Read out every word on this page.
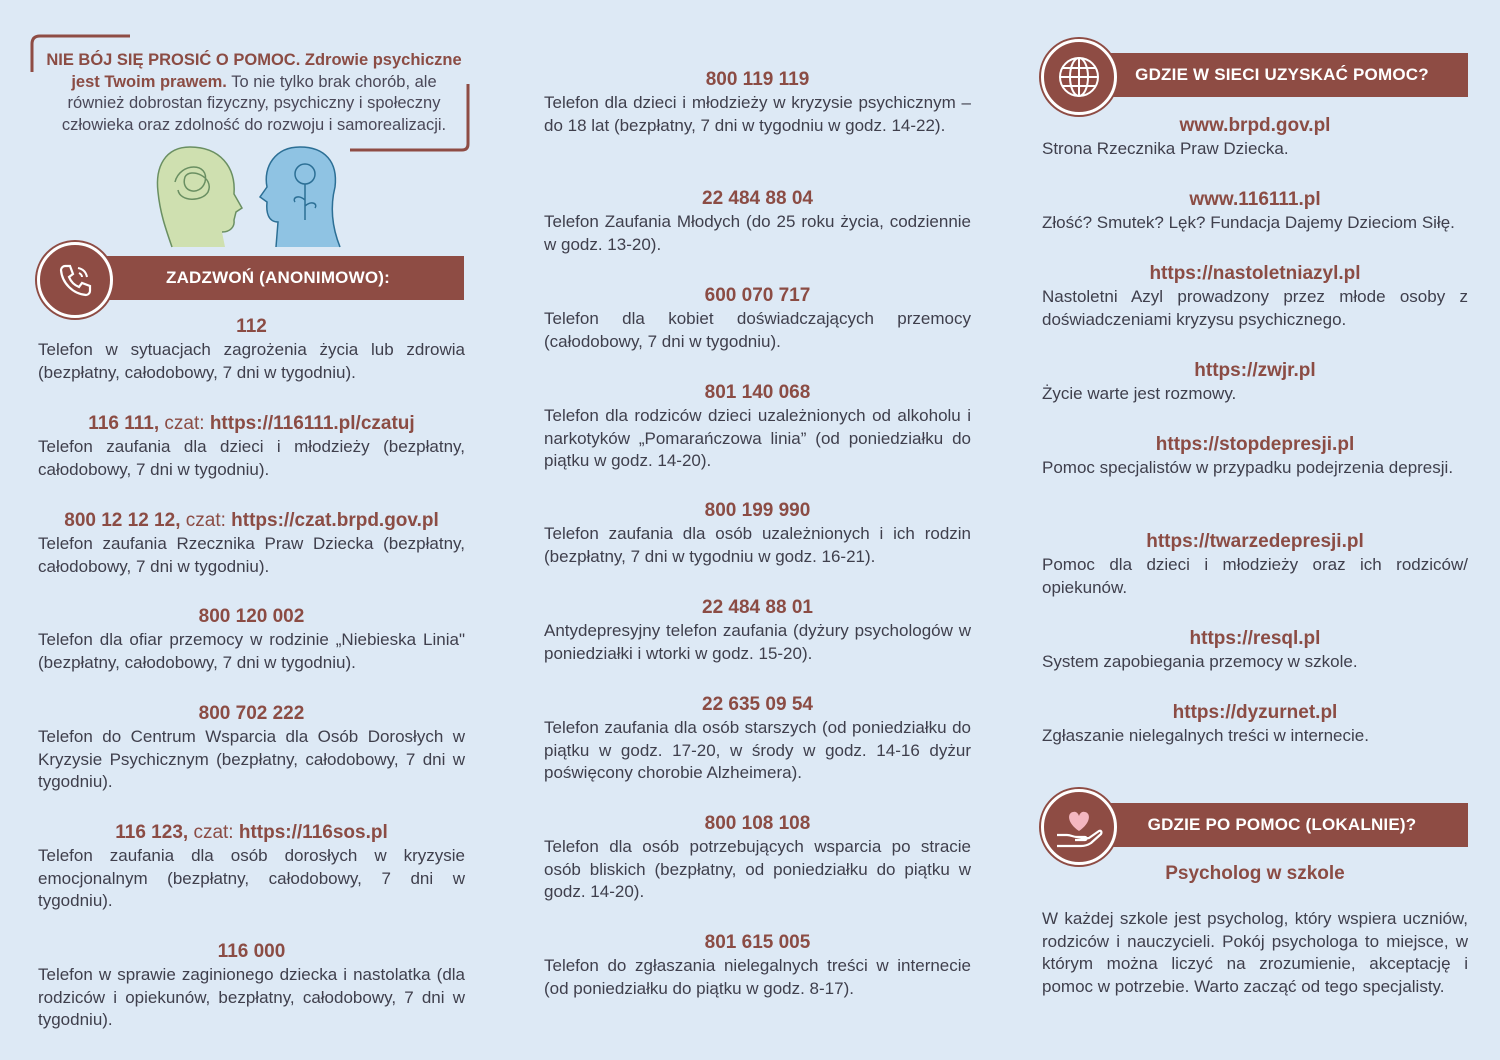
NIE BÓJ SIĘ PROSIĆ O POMOC. Zdrowie psychiczne jest Twoim prawem. To nie tylko brak chorób, ale również dobrostan fizyczny, psychiczny i społeczny człowieka oraz zdolność do rozwoju i samorealizacji.
ZADZWOŃ (ANONIMOWO):
112
Telefon w sytuacjach zagrożenia życia lub zdrowia (bezpłatny, całodobowy, 7 dni w tygodniu).
116 111, czat: https://116111.pl/czatuj
Telefon zaufania dla dzieci i młodzieży (bezpłatny, całodobowy, 7 dni w tygodniu).
800 12 12 12, czat: https://czat.brpd.gov.pl
Telefon zaufania Rzecznika Praw Dziecka (bezpłatny, całodobowy, 7 dni w tygodniu).
800 120 002
Telefon dla ofiar przemocy w rodzinie „Niebieska Linia" (bezpłatny, całodobowy, 7 dni w tygodniu).
800 702 222
Telefon do Centrum Wsparcia dla Osób Dorosłych w Kryzysie Psychicznym (bezpłatny, całodobowy, 7 dni w tygodniu).
116 123, czat: https://116sos.pl
Telefon zaufania dla osób dorosłych w kryzysie emocjonalnym (bezpłatny, całodobowy, 7 dni w tygodniu).
116 000
Telefon w sprawie zaginionego dziecka i nastolatka (dla rodziców i opiekunów, bezpłatny, całodobowy, 7 dni w tygodniu).
800 119 119
Telefon dla dzieci i młodzieży w kryzysie psychicznym – do 18 lat (bezpłatny, 7 dni w tygodniu w godz. 14-22).
22 484 88 04
Telefon Zaufania Młodych (do 25 roku życia, codziennie w godz. 13-20).
600 070 717
Telefon dla kobiet doświadczających przemocy (całodobowy, 7 dni w tygodniu).
801 140 068
Telefon dla rodziców dzieci uzależnionych od alkoholu i narkotyków „Pomarańczowa linia” (od poniedziałku do piątku w godz. 14-20).
800 199 990
Telefon zaufania dla osób uzależnionych i ich rodzin (bezpłatny, 7 dni w tygodniu w godz. 16-21).
22 484 88 01
Antydepresyjny telefon zaufania (dyżury psychologów w poniedziałki i wtorki w godz. 15-20).
22 635 09 54
Telefon zaufania dla osób starszych (od poniedziałku do piątku w godz. 17-20, w środy w godz. 14-16 dyżur poświęcony chorobie Alzheimera).
800 108 108
Telefon dla osób potrzebujących wsparcia po stracie osób bliskich (bezpłatny, od poniedziałku do piątku w godz. 14-20).
801 615 005
Telefon do zgłaszania nielegalnych treści w internecie (od poniedziałku do piątku w godz. 8-17).
GDZIE W SIECI UZYSKAĆ POMOC?
www.brpd.gov.pl
Strona Rzecznika Praw Dziecka.
www.116111.pl
Złość? Smutek? Lęk? Fundacja Dajemy Dzieciom Siłę.
https://nastoletniazyl.pl
Nastoletni Azyl prowadzony przez młode osoby z doświadczeniami kryzysu psychicznego.
https://zwjr.pl
Życie warte jest rozmowy.
https://stopdepresji.pl
Pomoc specjalistów w przypadku podejrzenia depresji.
https://twarzedepresji.pl
Pomoc dla dzieci i młodzieży oraz ich rodziców/ opiekunów.
https://resql.pl
System zapobiegania przemocy w szkole.
https://dyzurnet.pl
Zgłaszanie nielegalnych treści w internecie.
GDZIE PO POMOC (LOKALNIE)?
Psycholog w szkole
W każdej szkole jest psycholog, który wspiera uczniów, rodziców i nauczycieli. Pokój psychologa to miejsce, w którym można liczyć na zrozumienie, akceptację i pomoc w potrzebie. Warto zacząć od tego specjalisty.
